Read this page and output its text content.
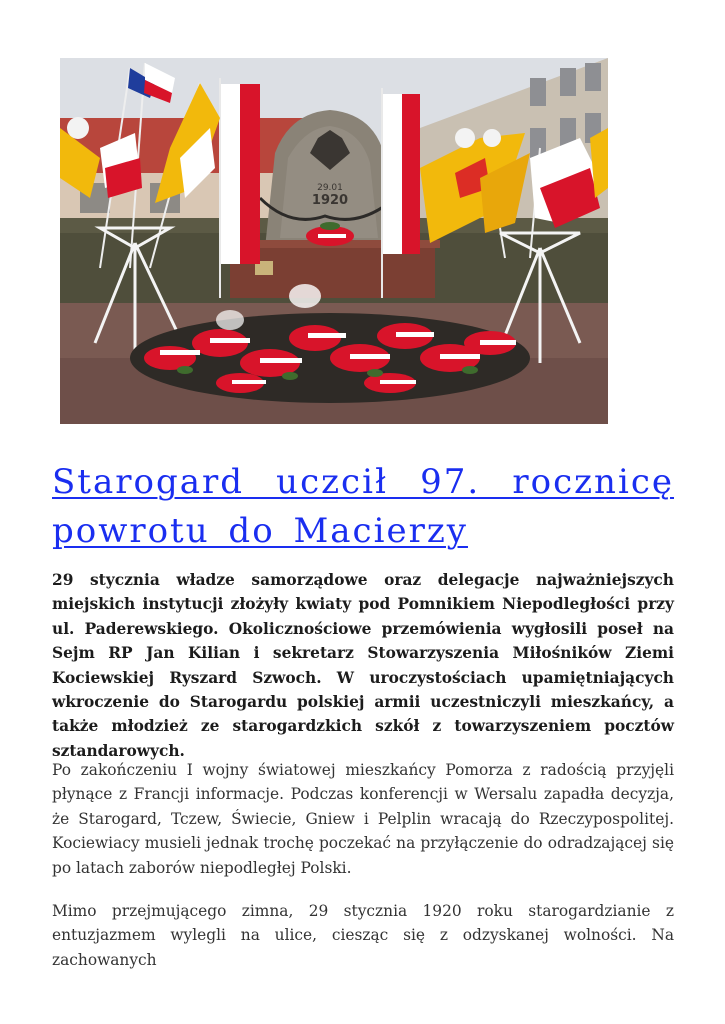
29.01
1920
Starogard uczcił 97. rocznicę powrotu do Macierzy

29 stycznia władze samorządowe oraz delegacje najważniejszych miejskich instytucji złożyły kwiaty pod Pomnikiem Niepodległości przy ul. Paderewskiego. Okolicznościowe przemówienia wygłosili poseł na Sejm RP Jan Kilian i sekretarz Stowarzyszenia Miłośników Ziemi Kociewskiej Ryszard Szwoch. W uroczystościach upamiętniających wkroczenie do Starogardu polskiej armii uczestniczyli mieszkańcy, a także młodzież ze starogardzkich szkół z towarzyszeniem pocztów sztandarowych.

Po zakończeniu I wojny światowej mieszkańcy Pomorza z radością przyjęli płynące z Francji informacje. Podczas konferencji w Wersalu zapadła decyzja, że Starogard, Tczew, Świecie, Gniew i Pelplin wracają do Rzeczypospolitej. Kociewiacy musieli jednak trochę poczekać na przyłączenie do odradzającej się po latach zaborów niepodległej Polski.

Mimo przejmującego zimna, 29 stycznia 1920 roku starogardzianie z entuzjazmem wylegli na ulice, ciesząc się z odzyskanej wolności. Na zachowanych
